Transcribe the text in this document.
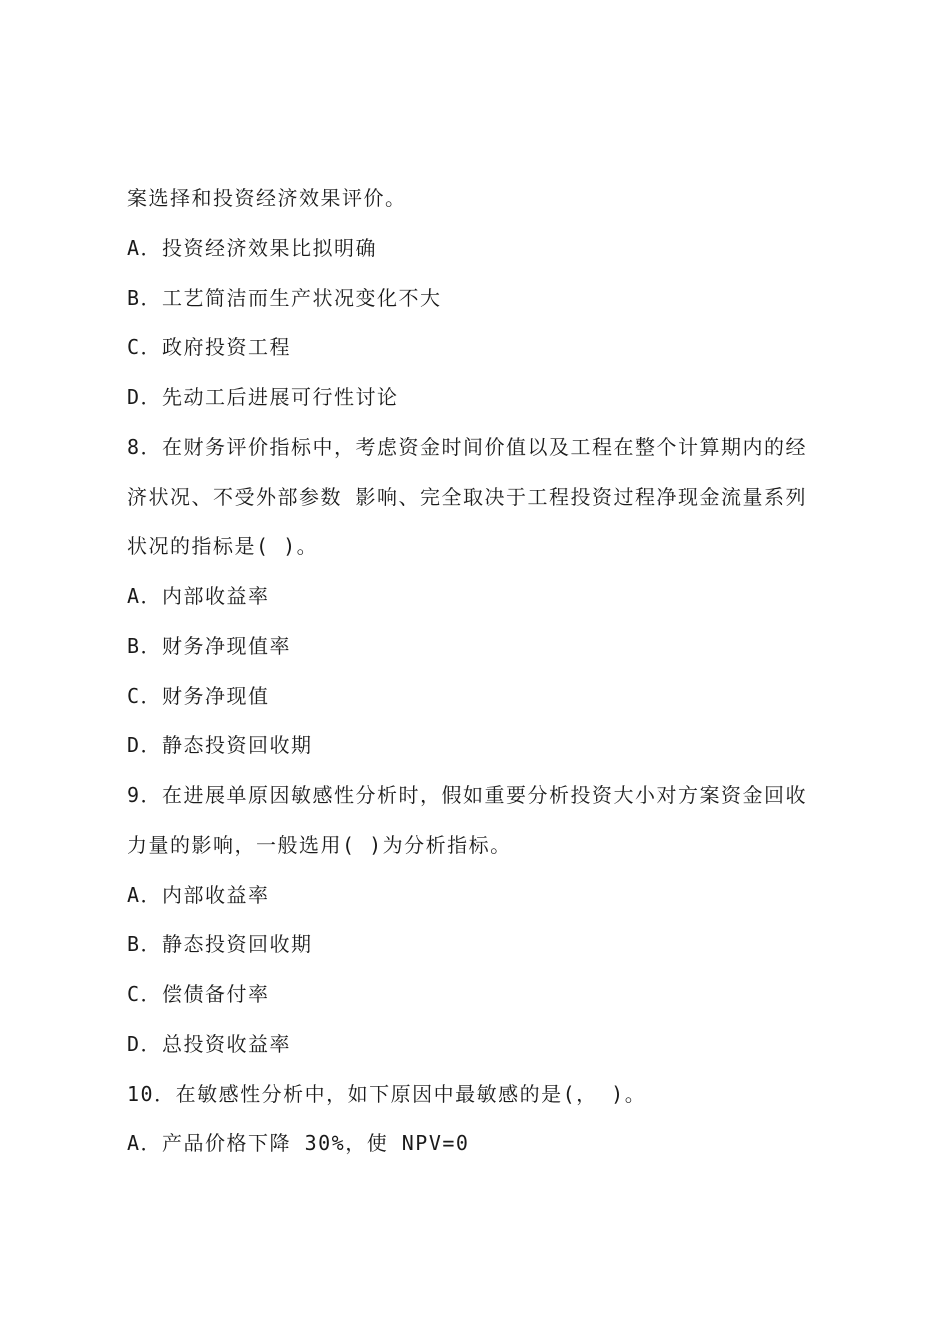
案选择和投资经济效果评价。
A．投资经济效果比拟明确
B．工艺简洁而生产状况变化不大
C．政府投资工程
D．先动工后进展可行性讨论
8．在财务评价指标中，考虑资金时间价值以及工程在整个计算期内的经
济状况、不受外部参数 影响、完全取决于工程投资过程净现金流量系列
状况的指标是( )。
A．内部收益率
B．财务净现值率
C．财务净现值
D．静态投资回收期
9．在进展单原因敏感性分析时，假如重要分析投资大小对方案资金回收
力量的影响，一般选用( )为分析指标。
A．内部收益率
B．静态投资回收期
C．偿债备付率
D．总投资收益率
10．在敏感性分析中，如下原因中最敏感的是(， )。
A．产品价格下降 30%，使 NPV=0
